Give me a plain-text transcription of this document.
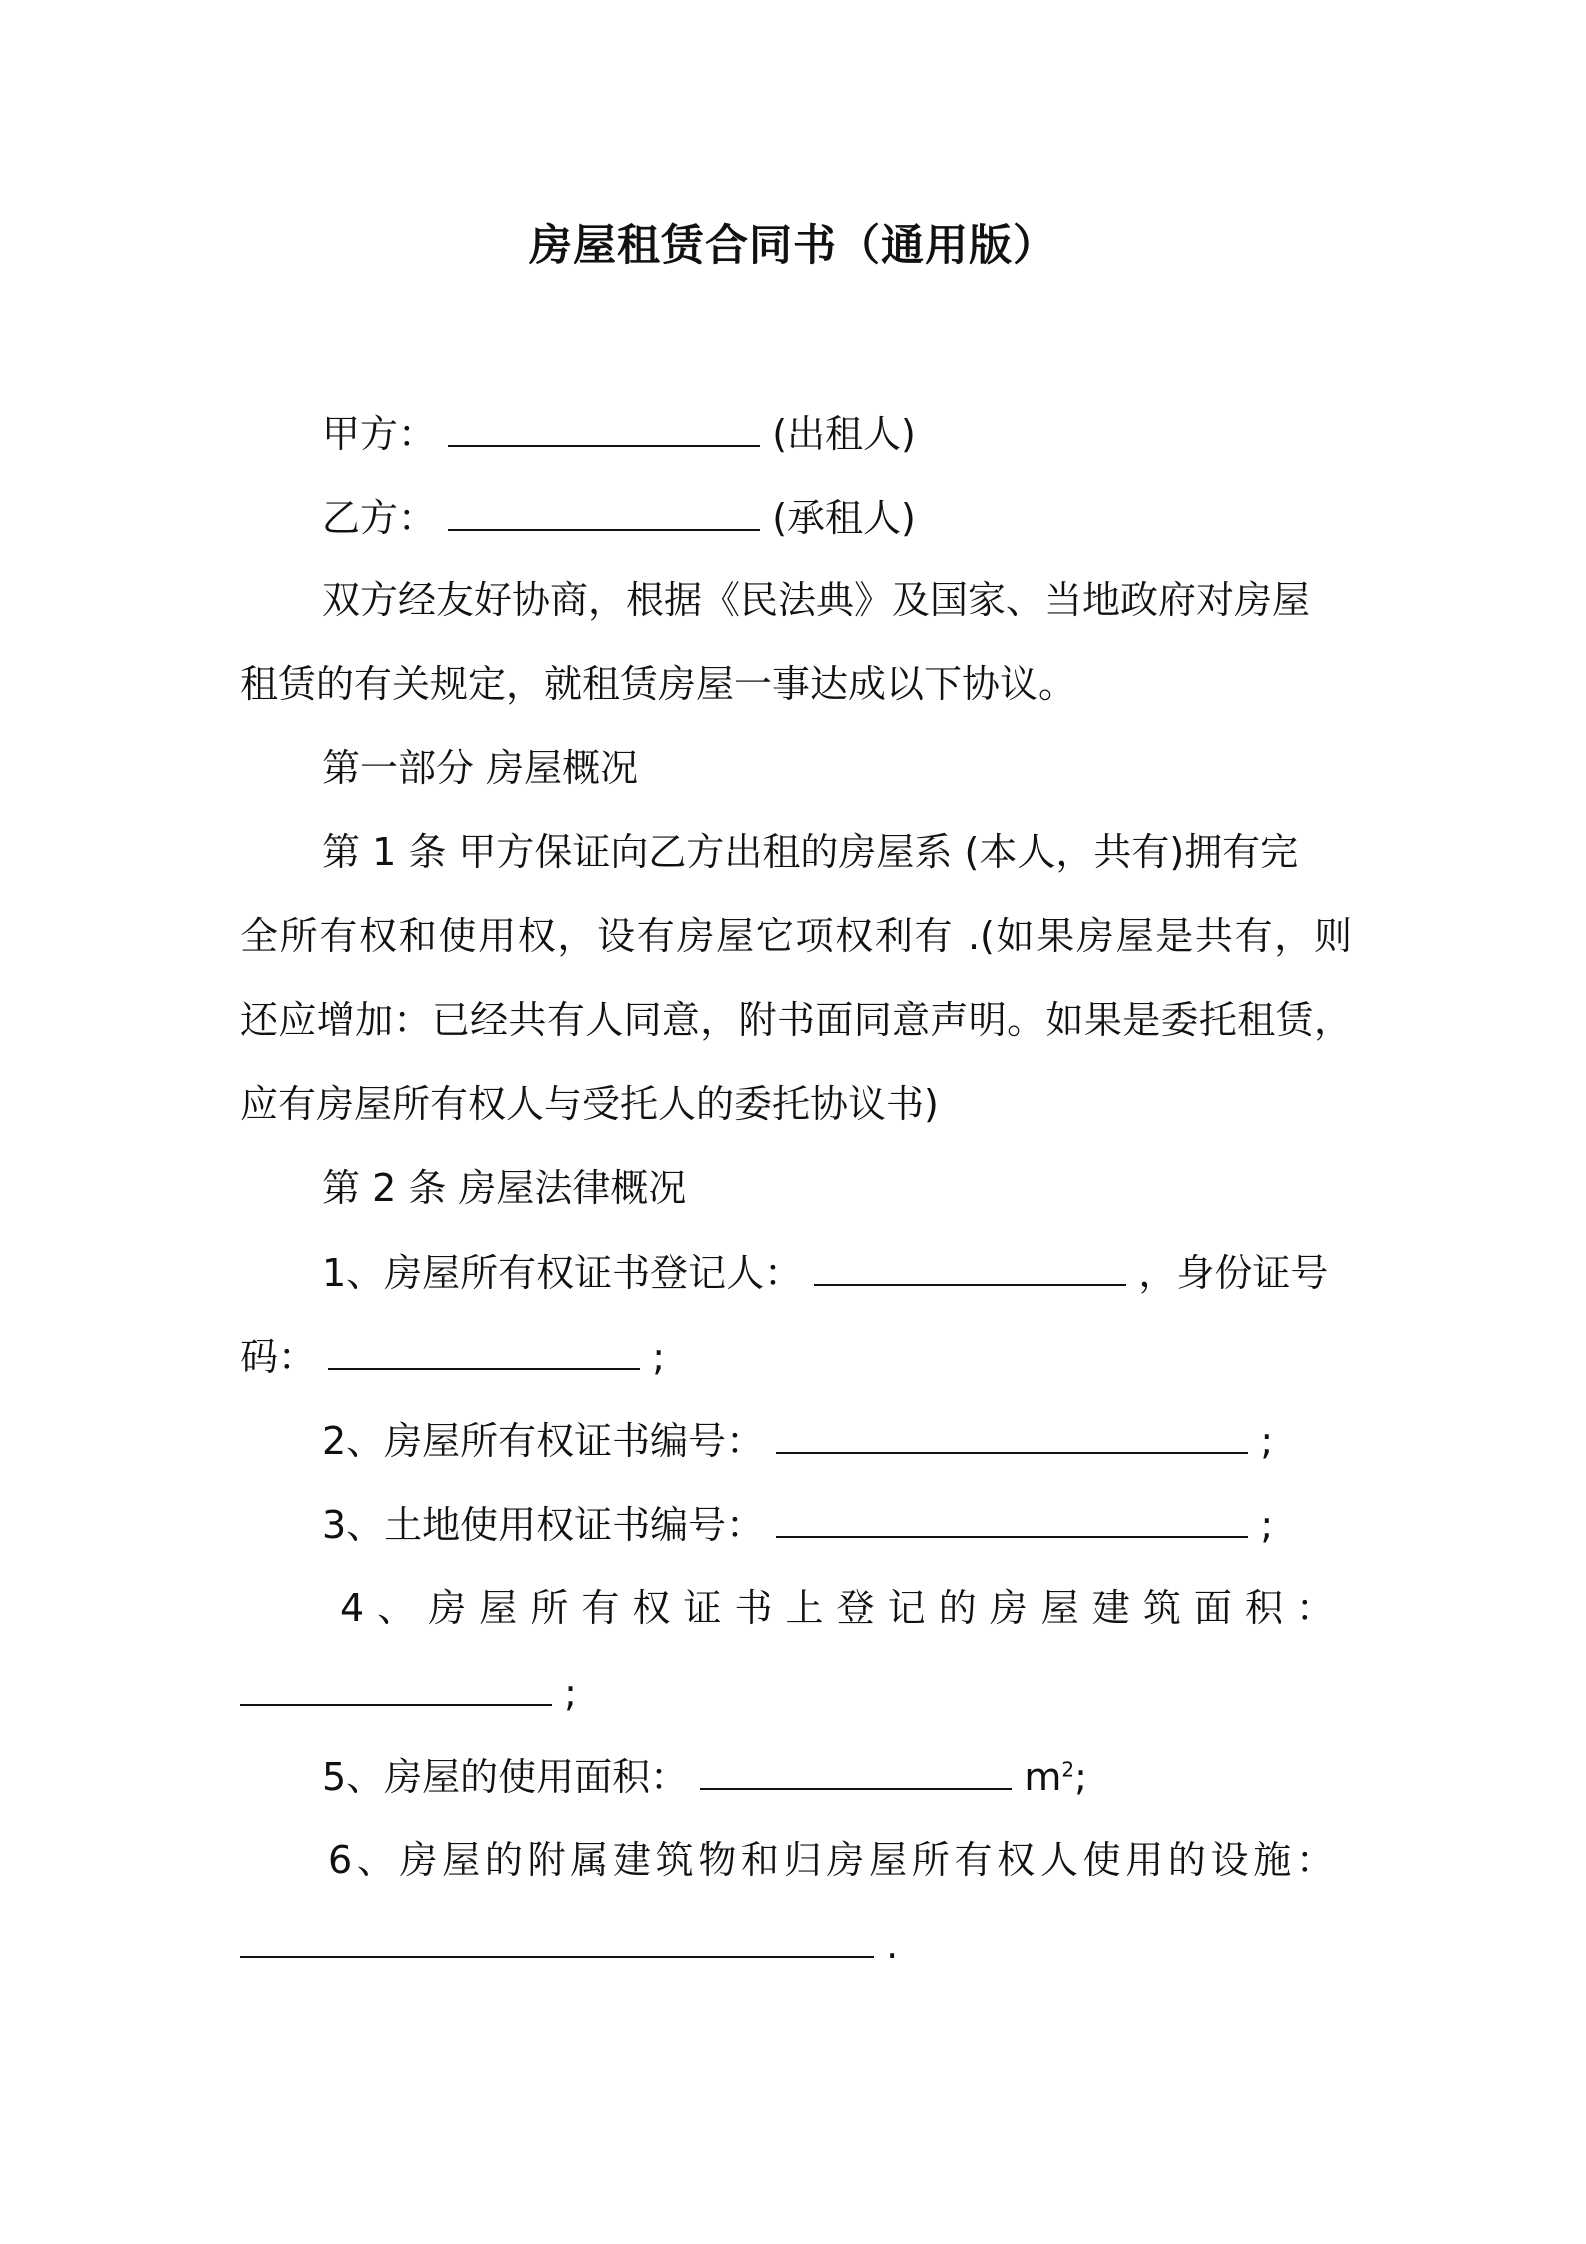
房屋租赁合同书（通用版）
甲方：	(出租人)
乙方：	(承租人)
双方经友好协商，根据《民法典》及国家、当地政府对房屋
租赁的有关规定，就租赁房屋一事达成以下协议。
第一部分 房屋概况
第 1 条 甲方保证向乙方出租的房屋系 (本人，共有)拥有完
全所有权和使用权，设有房屋它项权利有 .(如果房屋是共有，则
还应增加：已经共有人同意，附书面同意声明。如果是委托租赁，
应有房屋所有权人与受托人的委托协议书)
第 2 条 房屋法律概况
1、房屋所有权证书登记人：	，身份证号
码：	;
2、房屋所有权证书编号：	;
3、土地使用权证书编号：	;
4、房屋所有权证书上登记的房屋建筑面积：
;
5、房屋的使用面积：	$m^2$;
6、房屋的附属建筑物和归房屋所有权人使用的设施：
.
